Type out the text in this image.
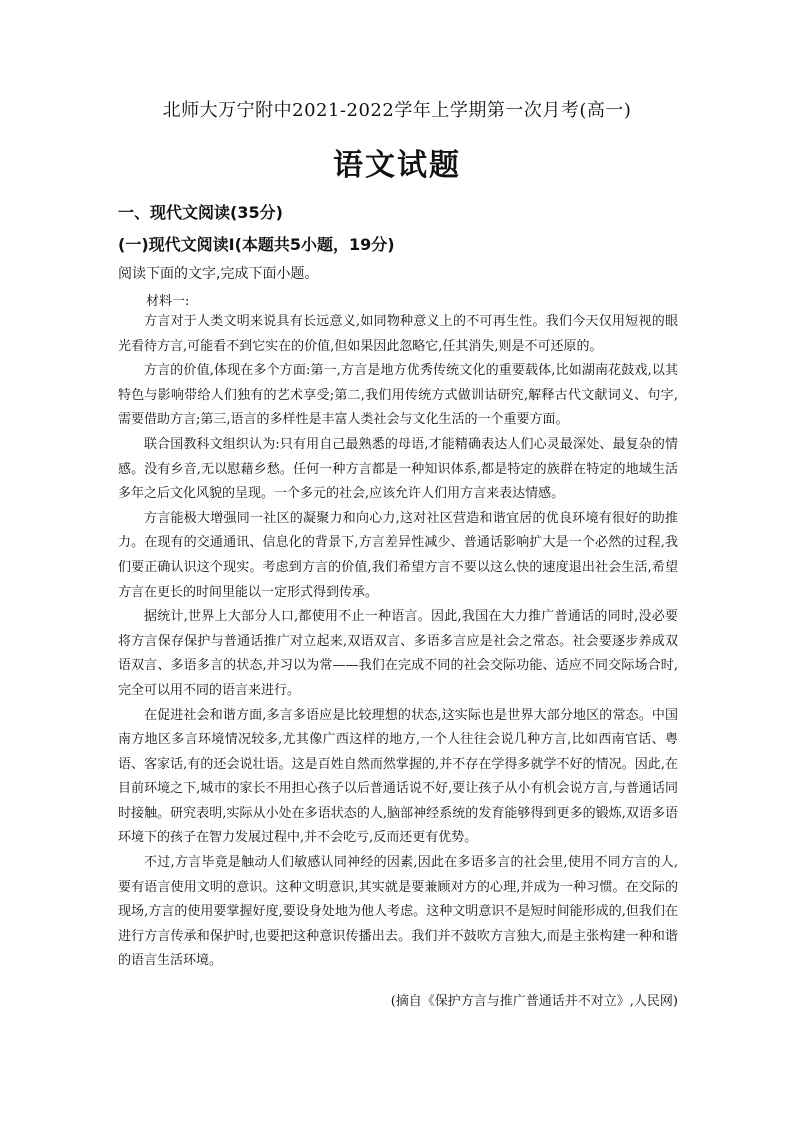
北师大万宁附中2021-2022学年上学期第一次月考(高一)
语文试题
一、现代文阅读(35分)
(一)现代文阅读Ⅰ(本题共5小题，19分)
阅读下面的文字,完成下面小题。
材料一:

方言对于人类文明来说具有长远意义,如同物种意义上的不可再生性。我们今天仅用短视的眼光看待方言,可能看不到它实在的价值,但如果因此忽略它,任其消失,则是不可还原的。

方言的价值,体现在多个方面:第一,方言是地方优秀传统文化的重要载体,比如湖南花鼓戏,以其特色与影响带给人们独有的艺术享受;第二,我们用传统方式做训诂研究,解释古代文献词义、句字,需要借助方言;第三,语言的多样性是丰富人类社会与文化生活的一个重要方面。

联合国教科文组织认为:只有用自己最熟悉的母语,才能精确表达人们心灵最深处、最复杂的情感。没有乡音,无以慰藉乡愁。任何一种方言都是一种知识体系,都是特定的族群在特定的地域生活多年之后文化风貌的呈现。一个多元的社会,应该允许人们用方言来表达情感。

方言能极大增强同一社区的凝聚力和向心力,这对社区营造和谐宜居的优良环境有很好的助推力。在现有的交通通讯、信息化的背景下,方言差异性减少、普通话影响扩大是一个必然的过程,我们要正确认识这个现实。考虑到方言的价值,我们希望方言不要以这么快的速度退出社会生活,希望方言在更长的时间里能以一定形式得到传承。

据统计,世界上大部分人口,都使用不止一种语言。因此,我国在大力推广普通话的同时,没必要将方言保存保护与普通话推广对立起来,双语双言、多语多言应是社会之常态。社会要逐步养成双语双言、多语多言的状态,并习以为常——我们在完成不同的社会交际功能、适应不同交际场合时,完全可以用不同的语言来进行。

在促进社会和谐方面,多言多语应是比较理想的状态,这实际也是世界大部分地区的常态。中国南方地区多言环境情况较多,尤其像广西这样的地方,一个人往往会说几种方言,比如西南官话、粤语、客家话,有的还会说壮语。这是百姓自然而然掌握的,并不存在学得多就学不好的情况。因此,在目前环境之下,城市的家长不用担心孩子以后普通话说不好,要让孩子从小有机会说方言,与普通话同时接触。研究表明,实际从小处在多语状态的人,脑部神经系统的发育能够得到更多的锻炼,双语多语环境下的孩子在智力发展过程中,并不会吃亏,反而还更有优势。

不过,方言毕竟是触动人们敏感认同神经的因素,因此在多语多言的社会里,使用不同方言的人,要有语言使用文明的意识。这种文明意识,其实就是要兼顾对方的心理,并成为一种习惯。在交际的现场,方言的使用要掌握好度,要设身处地为他人考虑。这种文明意识不是短时间能形成的,但我们在进行方言传承和保护时,也要把这种意识传播出去。我们并不鼓吹方言独大,而是主张构建一种和谐的语言生活环境。

(摘自《保护方言与推广普通话并不对立》,人民网)
